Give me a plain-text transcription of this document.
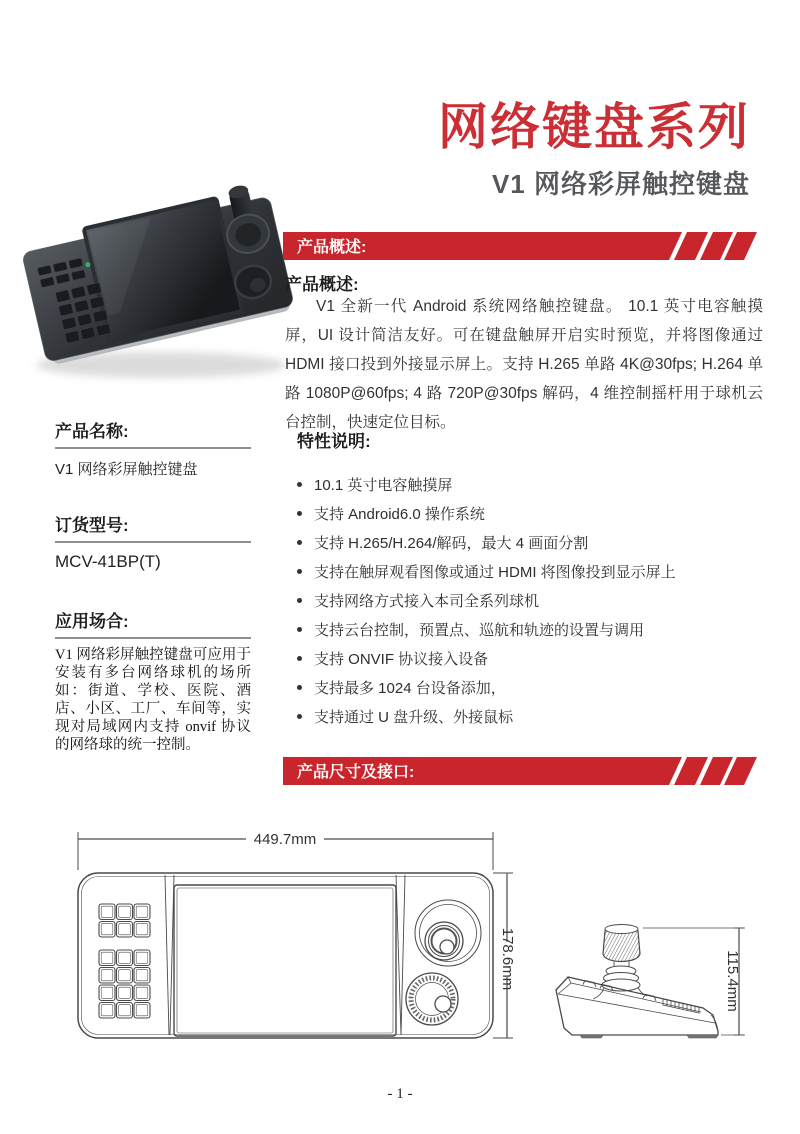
网络键盘系列
V1 网络彩屏触控键盘
产品概述:
产品概述:

V1 全新一代 Android 系统网络触控键盘。 10.1 英寸电容触摸屏，UI 设计简洁友好。可在键盘触屏开启实时预览，并将图像通过 HDMI 接口投到外接显示屏上。支持 H.265 单路 4K@30fps; H.264 单路 1080P@60fps; 4 路 720P@30fps 解码，4 维控制摇杆用于球机云台控制，快速定位目标。

产品名称:

V1 网络彩屏触控键盘

订货型号:

MCV-41BP(T)

应用场合:

V1 网络彩屏触控键盘可应用于安装有多台网络球机的场所如：街道、学校、医院、酒店、小区、工厂、车间等，实现对局域网内支持 onvif 协议的网络球的统一控制。

特性说明:
10.1 英寸电容触摸屏
支持 Android6.0 操作系统
支持 H.265/H.264/解码，最大 4 画面分割
支持在触屏观看图像或通过 HDMI 将图像投到显示屏上
支持网络方式接入本司全系列球机
支持云台控制，预置点、巡航和轨迹的设置与调用
支持 ONVIF 协议接入设备
支持最多 1024 台设备添加，
支持通过 U 盘升级、外接鼠标
产品尺寸及接口:
449.7mm
178.6mm	115.4mm
- 1 -
